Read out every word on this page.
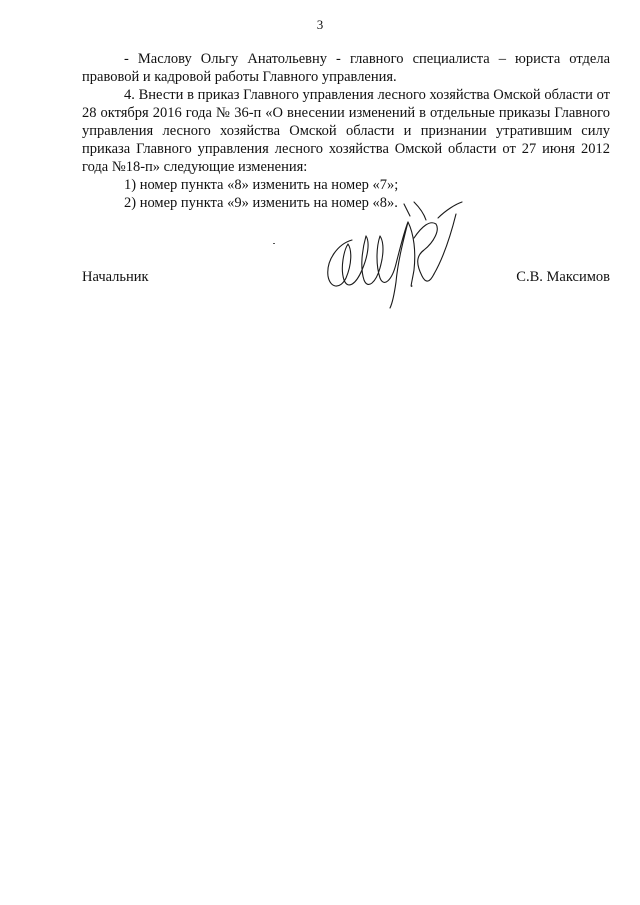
3

- Маслову Ольгу Анатольевну - главного специалиста – юриста отдела правовой и кадровой работы Главного управления.

4. Внести в приказ Главного управления лесного хозяйства Омской области от 28 октября 2016 года № 36-п «О внесении изменений в отдельные приказы Главного управления лесного хозяйства Омской области и признании утратившим силу приказа Главного управления лесного хозяйства Омской области от 27 июня 2012 года №18-п» следующие изменения:

1) номер пункта «8» изменить на номер «7»;

2) номер пункта «9» изменить на номер «8».

Начальник	С.В. Максимов
